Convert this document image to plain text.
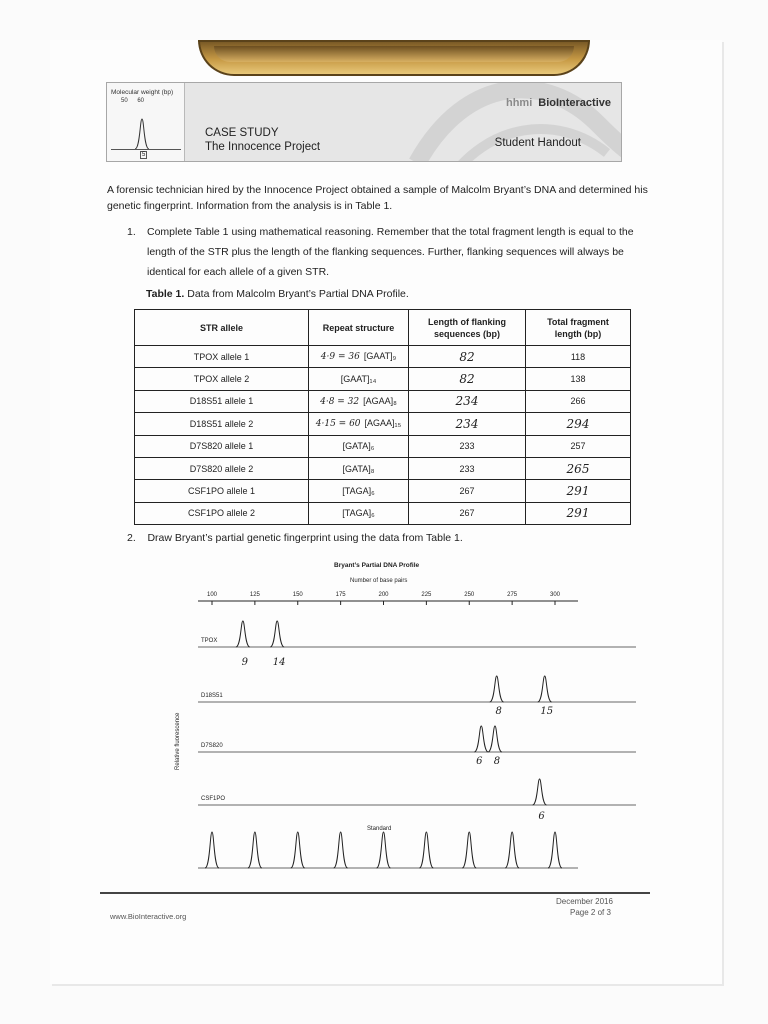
Molecular weight (bp)
50 60
5
CASE STUDY
The Innocence Project
hhmi BioInteractive
Student Handout
A forensic technician hired by the Innocence Project obtained a sample of Malcolm Bryant’s DNA and determined his genetic fingerprint. Information from the analysis is in Table 1.
1. Complete Table 1 using mathematical reasoning. Remember that the total fragment length is equal to the length of the STR plus the length of the flanking sequences. Further, flanking sequences will always be identical for each allele of a given STR.
Table 1. Data from Malcolm Bryant’s Partial DNA Profile.
STR allele	Repeat structure	Length of flanking sequences (bp)	Total fragment length (bp)
TPOX allele 1	4·9 = 36 [GAAT]₉	82	118
TPOX allele 2	[GAAT]₁₄	82	138
D18S51 allele 1	4·8 = 32 [AGAA]₈	234	266
D18S51 allele 2	4·15 = 60 [AGAA]₁₅	234	294
D7S820 allele 1	[GATA]₆	233	257
D7S820 allele 2	[GATA]₈	233	265
CSF1PO allele 1	[TAGA]₆	267	291
CSF1PO allele 2	[TAGA]₆	267	291
2. Draw Bryant’s partial genetic fingerprint using the data from Table 1.
Bryant’s Partial DNA Profile
Number of base pairs
Relative fluorescence
100	125	150	175	200	225	250	275	300
TPOX
9 14
D18S51
8	15
D7S820
6 8
CSF1PO
6
Standard
www.BioInteractive.org
December 2016
Page 2 of 3
